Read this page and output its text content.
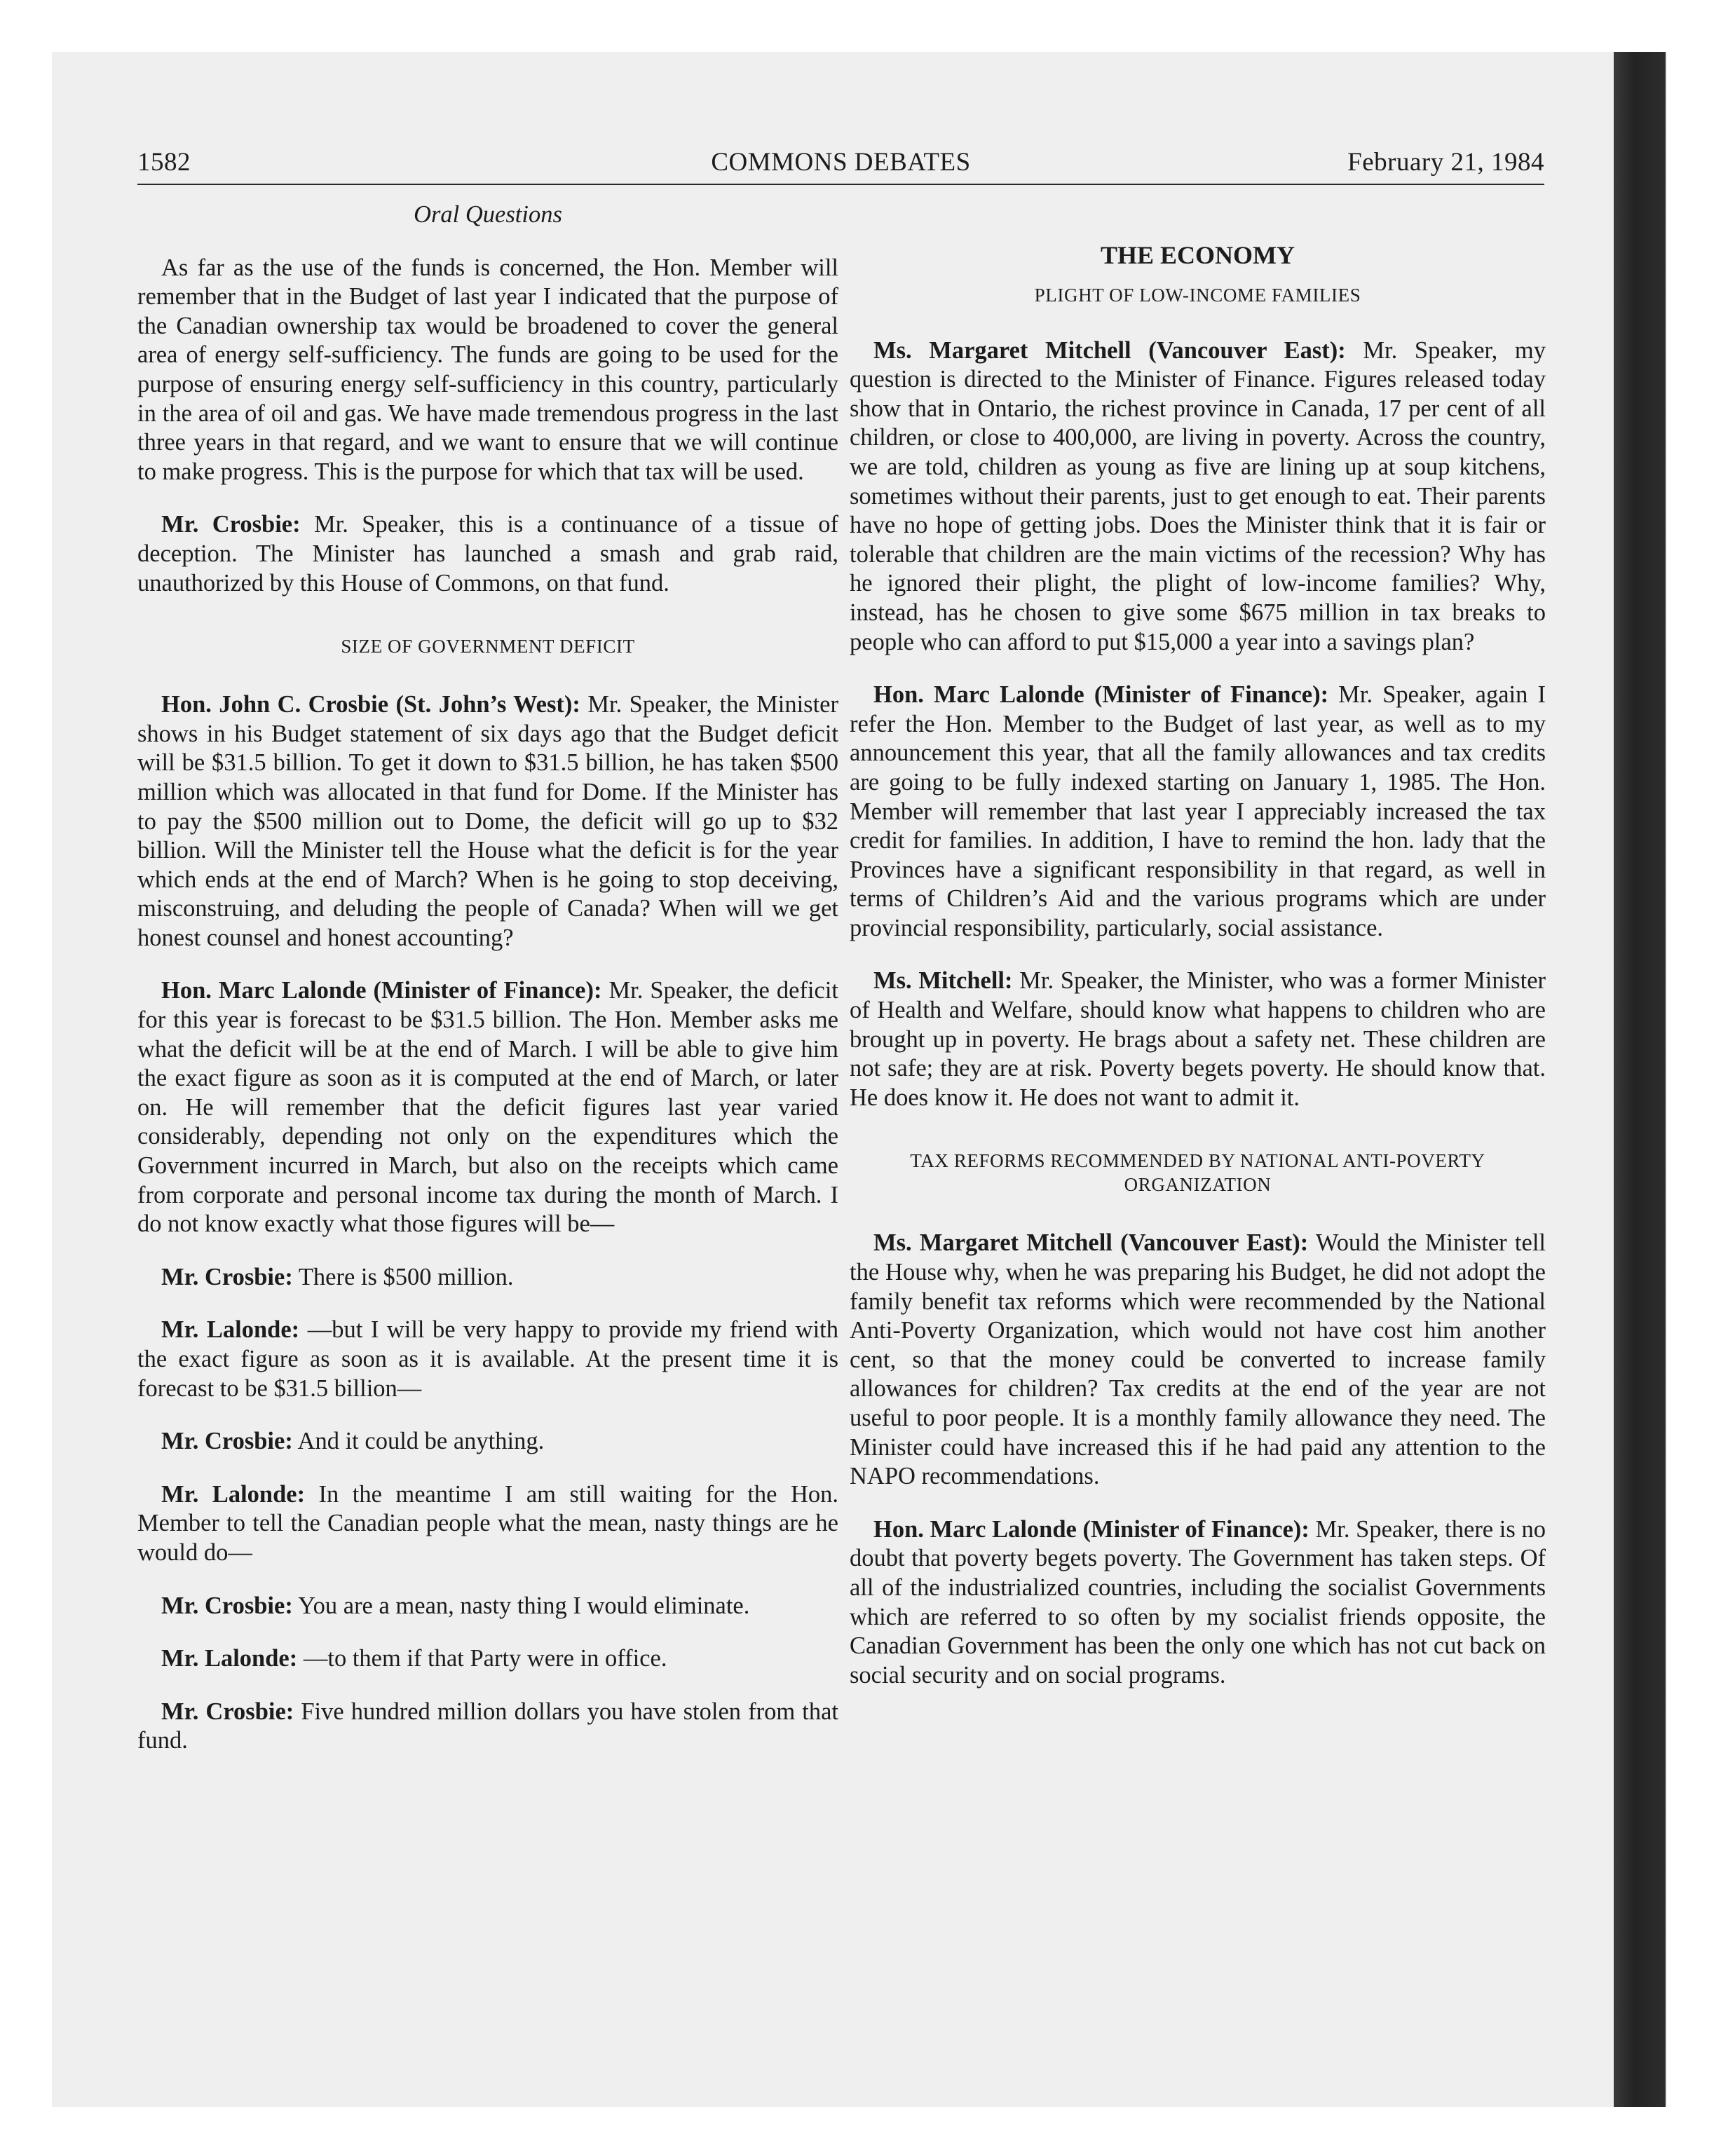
1582	COMMONS DEBATES	February 21, 1984

Oral Questions

As far as the use of the funds is concerned, the Hon. Member will remember that in the Budget of last year I indicated that the purpose of the Canadian ownership tax would be broadened to cover the general area of energy self-sufficiency. The funds are going to be used for the purpose of ensuring energy self-sufficiency in this country, particularly in the area of oil and gas. We have made tremendous progress in the last three years in that regard, and we want to ensure that we will continue to make progress. This is the purpose for which that tax will be used.

Mr. Crosbie: Mr. Speaker, this is a continuance of a tissue of deception. The Minister has launched a smash and grab raid, unauthorized by this House of Commons, on that fund.

SIZE OF GOVERNMENT DEFICIT

Hon. John C. Crosbie (St. John’s West): Mr. Speaker, the Minister shows in his Budget statement of six days ago that the Budget deficit will be $31.5 billion. To get it down to $31.5 billion, he has taken $500 million which was allocated in that fund for Dome. If the Minister has to pay the $500 million out to Dome, the deficit will go up to $32 billion. Will the Minister tell the House what the deficit is for the year which ends at the end of March? When is he going to stop deceiving, misconstruing, and deluding the people of Canada? When will we get honest counsel and honest accounting?

Hon. Marc Lalonde (Minister of Finance): Mr. Speaker, the deficit for this year is forecast to be $31.5 billion. The Hon. Member asks me what the deficit will be at the end of March. I will be able to give him the exact figure as soon as it is computed at the end of March, or later on. He will remember that the deficit figures last year varied considerably, depending not only on the expenditures which the Government incurred in March, but also on the receipts which came from corporate and personal income tax during the month of March. I do not know exactly what those figures will be—

Mr. Crosbie: There is $500 million.

Mr. Lalonde: —but I will be very happy to provide my friend with the exact figure as soon as it is available. At the present time it is forecast to be $31.5 billion—

Mr. Crosbie: And it could be anything.

Mr. Lalonde: In the meantime I am still waiting for the Hon. Member to tell the Canadian people what the mean, nasty things are he would do—

Mr. Crosbie: You are a mean, nasty thing I would eliminate.

Mr. Lalonde: —to them if that Party were in office.

Mr. Crosbie: Five hundred million dollars you have stolen from that fund.

THE ECONOMY

PLIGHT OF LOW-INCOME FAMILIES

Ms. Margaret Mitchell (Vancouver East): Mr. Speaker, my question is directed to the Minister of Finance. Figures released today show that in Ontario, the richest province in Canada, 17 per cent of all children, or close to 400,000, are living in poverty. Across the country, we are told, children as young as five are lining up at soup kitchens, sometimes without their parents, just to get enough to eat. Their parents have no hope of getting jobs. Does the Minister think that it is fair or tolerable that children are the main victims of the recession? Why has he ignored their plight, the plight of low-income families? Why, instead, has he chosen to give some $675 million in tax breaks to people who can afford to put $15,000 a year into a savings plan?

Hon. Marc Lalonde (Minister of Finance): Mr. Speaker, again I refer the Hon. Member to the Budget of last year, as well as to my announcement this year, that all the family allowances and tax credits are going to be fully indexed starting on January 1, 1985. The Hon. Member will remember that last year I appreciably increased the tax credit for families. In addition, I have to remind the hon. lady that the Provinces have a significant responsibility in that regard, as well in terms of Children’s Aid and the various programs which are under provincial responsibility, particularly, social assistance.

Ms. Mitchell: Mr. Speaker, the Minister, who was a former Minister of Health and Welfare, should know what happens to children who are brought up in poverty. He brags about a safety net. These children are not safe; they are at risk. Poverty begets poverty. He should know that. He does know it. He does not want to admit it.

TAX REFORMS RECOMMENDED BY NATIONAL ANTI-POVERTY ORGANIZATION

Ms. Margaret Mitchell (Vancouver East): Would the Minister tell the House why, when he was preparing his Budget, he did not adopt the family benefit tax reforms which were recommended by the National Anti-Poverty Organization, which would not have cost him another cent, so that the money could be converted to increase family allowances for children? Tax credits at the end of the year are not useful to poor people. It is a monthly family allowance they need. The Minister could have increased this if he had paid any attention to the NAPO recommendations.

Hon. Marc Lalonde (Minister of Finance): Mr. Speaker, there is no doubt that poverty begets poverty. The Government has taken steps. Of all of the industrialized countries, including the socialist Governments which are referred to so often by my socialist friends opposite, the Canadian Government has been the only one which has not cut back on social security and on social programs.
